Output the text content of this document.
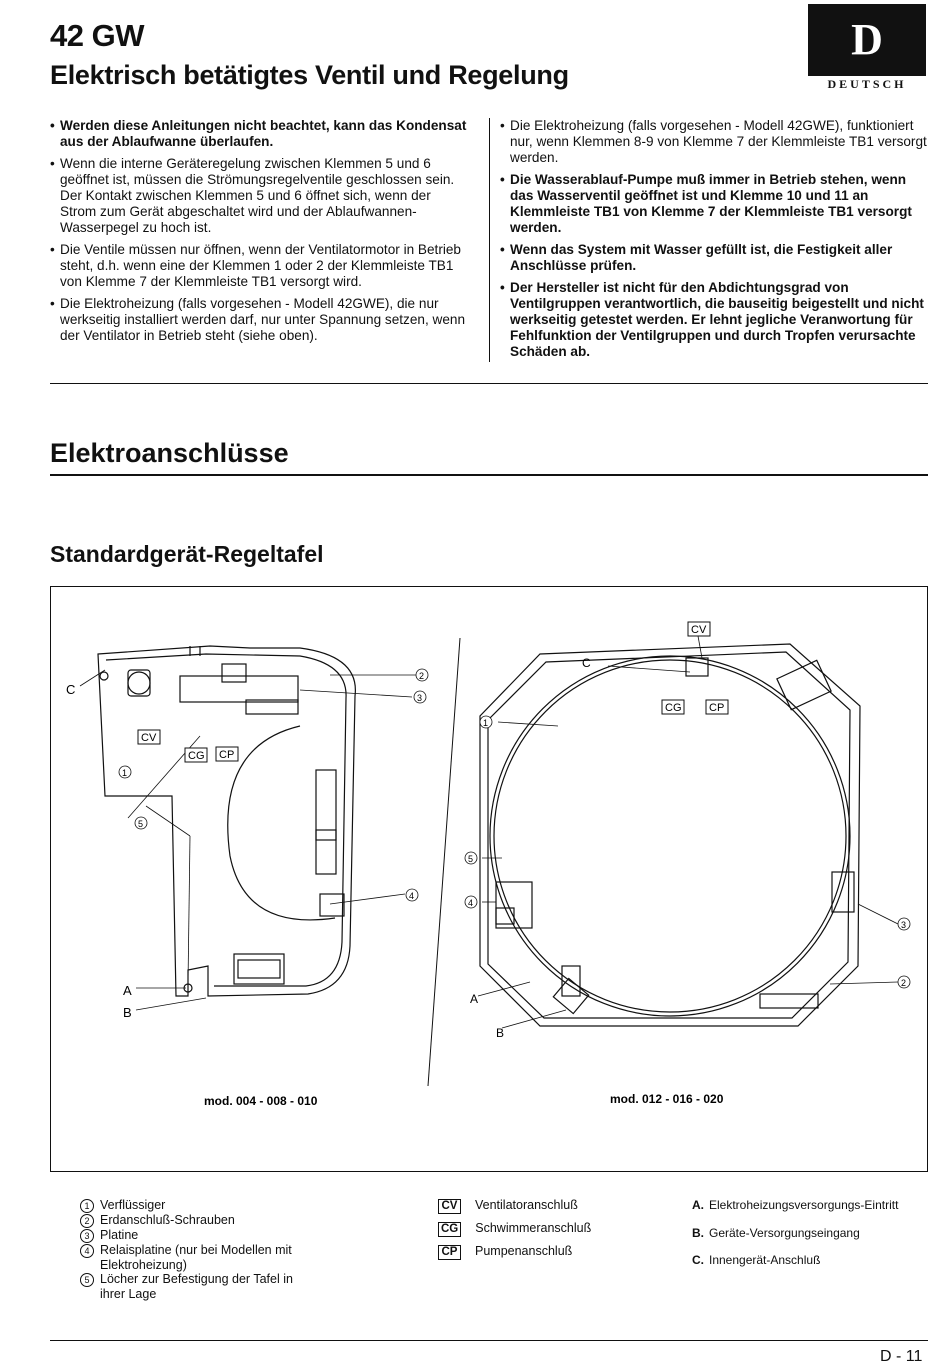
42 GW
Elektrisch betätigtes Ventil und Regelung
D
DEUTSCH

• Werden diese Anleitungen nicht beachtet, kann das Kondensat aus der Ablaufwanne überlaufen.

• Wenn die interne Geräteregelung zwischen Klemmen 5 und 6 geöffnet ist, müssen die Strömungsregelventile geschlossen sein. Der Kontakt zwischen Klemmen 5 und 6 öffnet sich, wenn der Strom zum Gerät abgeschaltet wird und der Ablaufwannen-Wasserpegel zu hoch ist.

• Die Ventile müssen nur öffnen, wenn der Ventilatormotor in Betrieb steht, d.h. wenn eine der Klemmen 1 oder 2 der Klemmleiste TB1 von Klemme 7 der Klemmleiste TB1 versorgt wird.

• Die Elektroheizung (falls vorgesehen - Modell 42GWE), die nur werkseitig installiert werden darf, nur unter Spannung setzen, wenn der Ventilator in Betrieb steht (siehe oben).

• Die Elektroheizung (falls vorgesehen - Modell 42GWE), funktioniert nur, wenn Klemmen 8-9 von Klemme 7 der Klemmleiste TB1 versorgt werden.

• Die Wasserablauf-Pumpe muß immer in Betrieb stehen, wenn das Wasserventil geöffnet ist und Klemme 10 und 11 an Klemmleiste TB1 von Klemme 7 der Klemmleiste TB1 versorgt werden.

• Wenn das System mit Wasser gefüllt ist, die Festigkeit aller Anschlüsse prüfen.

• Der Hersteller ist nicht für den Abdichtungsgrad von Ventilgruppen verantwortlich, die bauseitig beigestellt und nicht werkseitig getestet werden. Er lehnt jegliche Veranwortung für Fehlfunktion der Ventilgruppen und durch Tropfen verursachte Schäden ab.

Elektroanschlüsse
Standardgerät-Regeltafel
C
CV
CG CP
1
5
2
3
4
A
B
CV
C
CG	CP
1
5
4
3
2
A
B
mod. 004 - 008 - 010	mod. 012 - 016 - 020
1 Verflüssiger
2 Erdanschluß-Schrauben
3 Platine
4 Relaisplatine (nur bei Modellen mit Elektroheizung)
5 Löcher zur Befestigung der Tafel in ihrer Lage
CV Ventilatoranschluß
CG Schwimmeranschluß
CP Pumpenanschluß
A. Elektroheizungsversorgungs-Eintritt
B. Geräte-Versorgungseingang
C. Innengerät-Anschluß
D - 11
